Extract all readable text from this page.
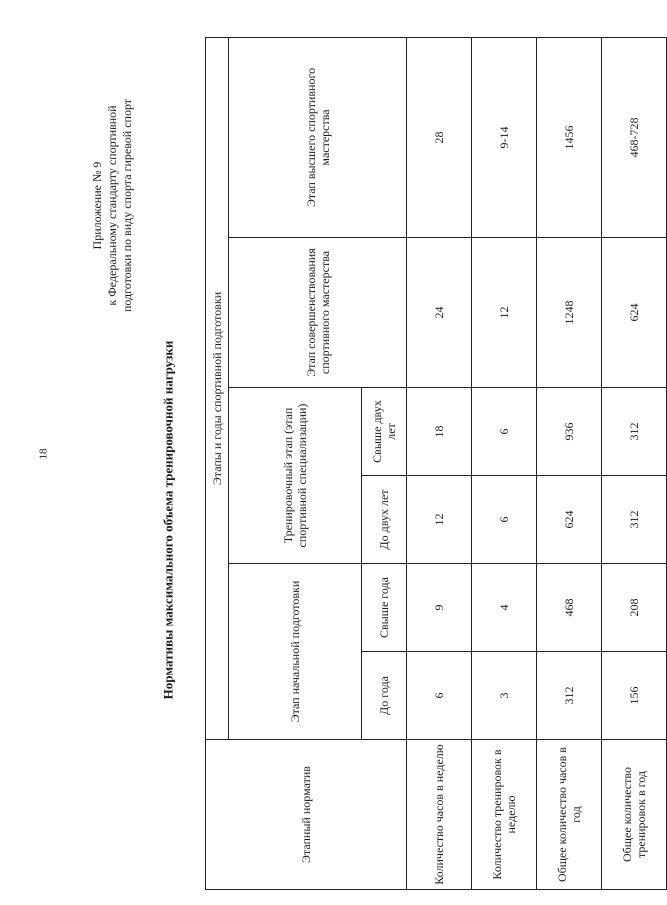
18
Приложение № 9 к Федеральному стандарту спортивной подготовки по виду спорта гиревой спорт
Нормативы максимального объема тренировочной нагрузки
Этапный норматив	Этапы и годы спортивной подготовки					
	Этап начальной подготовки		Тренировочный этап (этап спортивной специализации)		Этап совершенствования спортивного мастерства	Этап высшего спортивного мастерства
	До года	Свыше года	До двух лет	Свыше двух лет		
Количество часов в неделю	6	9	12	18	24	28
Количество тренировок в неделю	3	4	6	6	12	9-14
Общее количество часов в год	312	468	624	936	1248	1456
Общее количество тренировок в год	156	208	312	312	624	468-728
